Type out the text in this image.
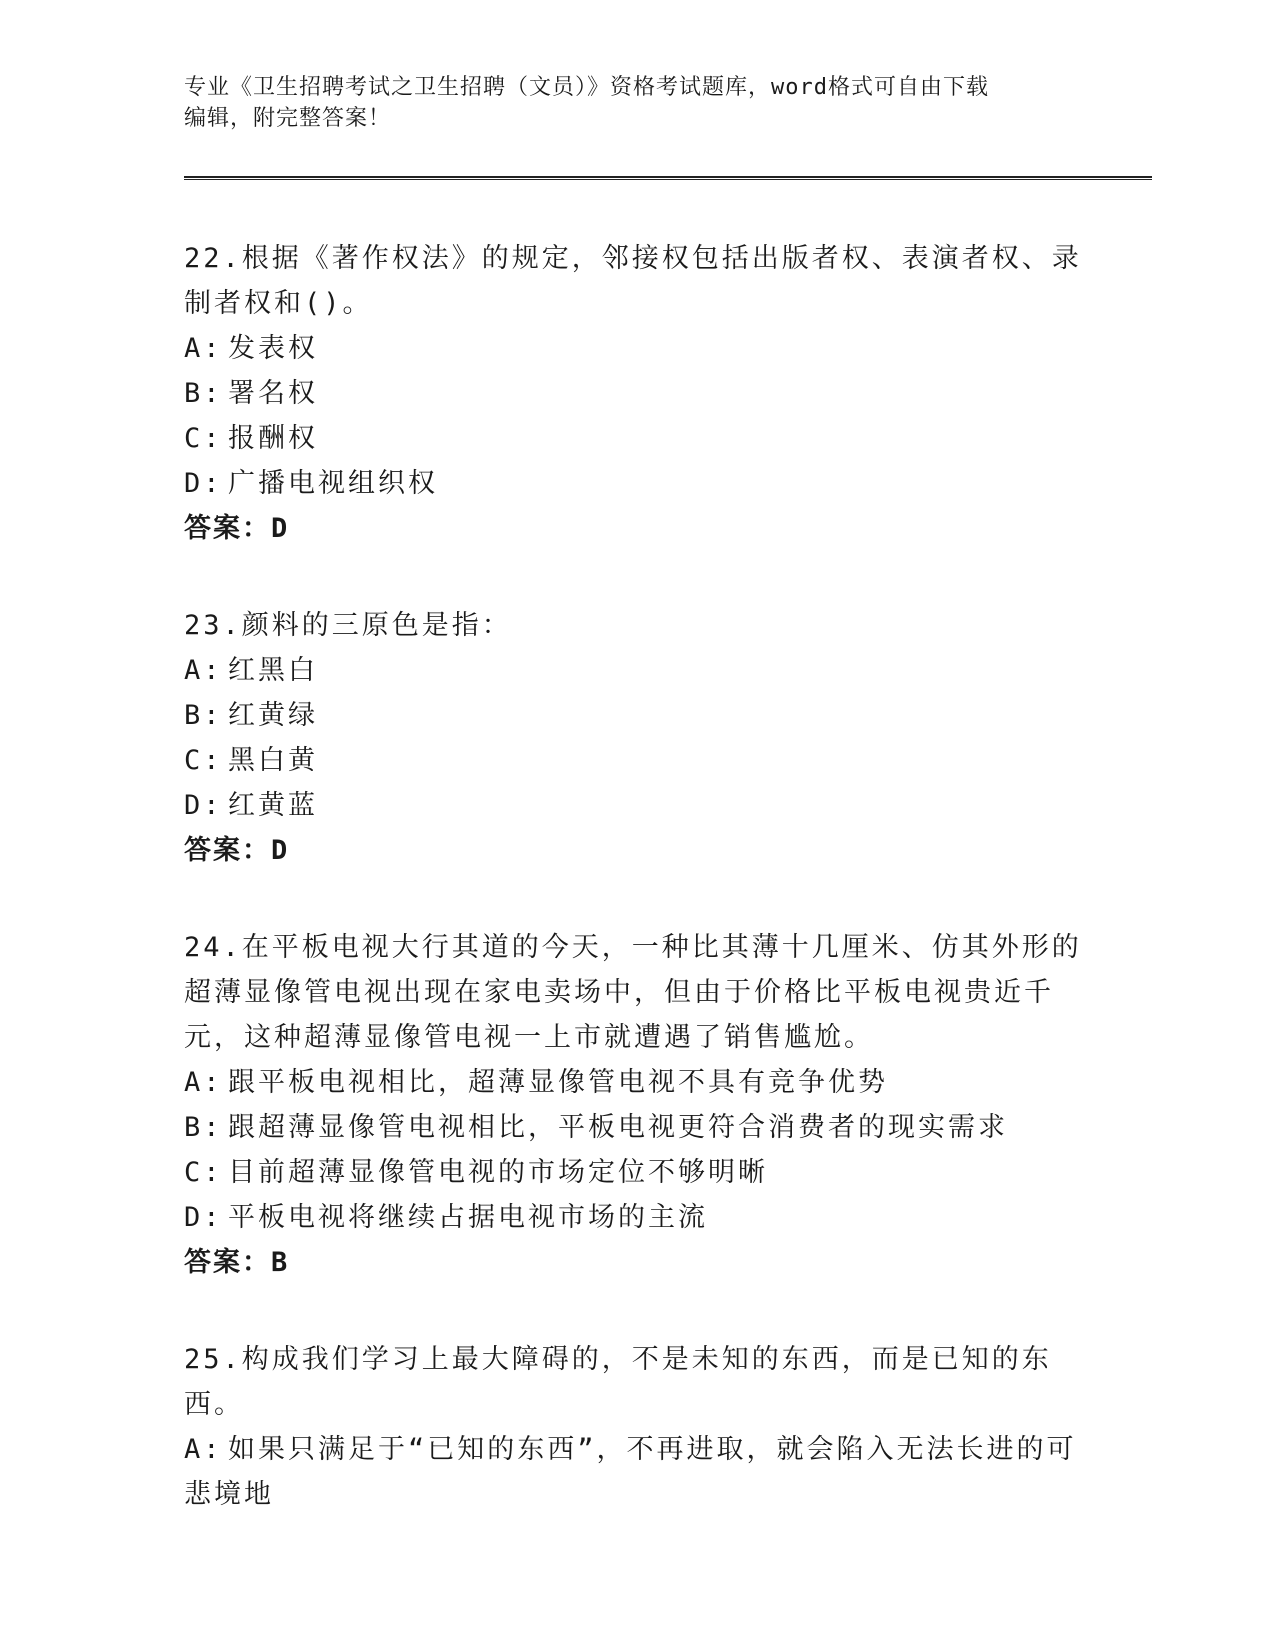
专业《卫生招聘考试之卫生招聘（文员）》资格考试题库，word格式可自由下载
编辑，附完整答案！

22.根据《著作权法》的规定，邻接权包括出版者权、表演者权、录制者权和()。

A: 发表权

B: 署名权

C: 报酬权

D: 广播电视组织权

答案：D

23.颜料的三原色是指：

A: 红黑白

B: 红黄绿

C: 黑白黄

D: 红黄蓝

答案：D

24.在平板电视大行其道的今天，一种比其薄十几厘米、仿其外形的超薄显像管电视出现在家电卖场中，但由于价格比平板电视贵近千元，这种超薄显像管电视一上市就遭遇了销售尴尬。

A: 跟平板电视相比，超薄显像管电视不具有竞争优势

B: 跟超薄显像管电视相比，平板电视更符合消费者的现实需求

C: 目前超薄显像管电视的市场定位不够明晰

D: 平板电视将继续占据电视市场的主流

答案：B

25.构成我们学习上最大障碍的，不是未知的东西，而是已知的东西。

A: 如果只满足于“已知的东西”，不再进取，就会陷入无法长进的可悲境地
